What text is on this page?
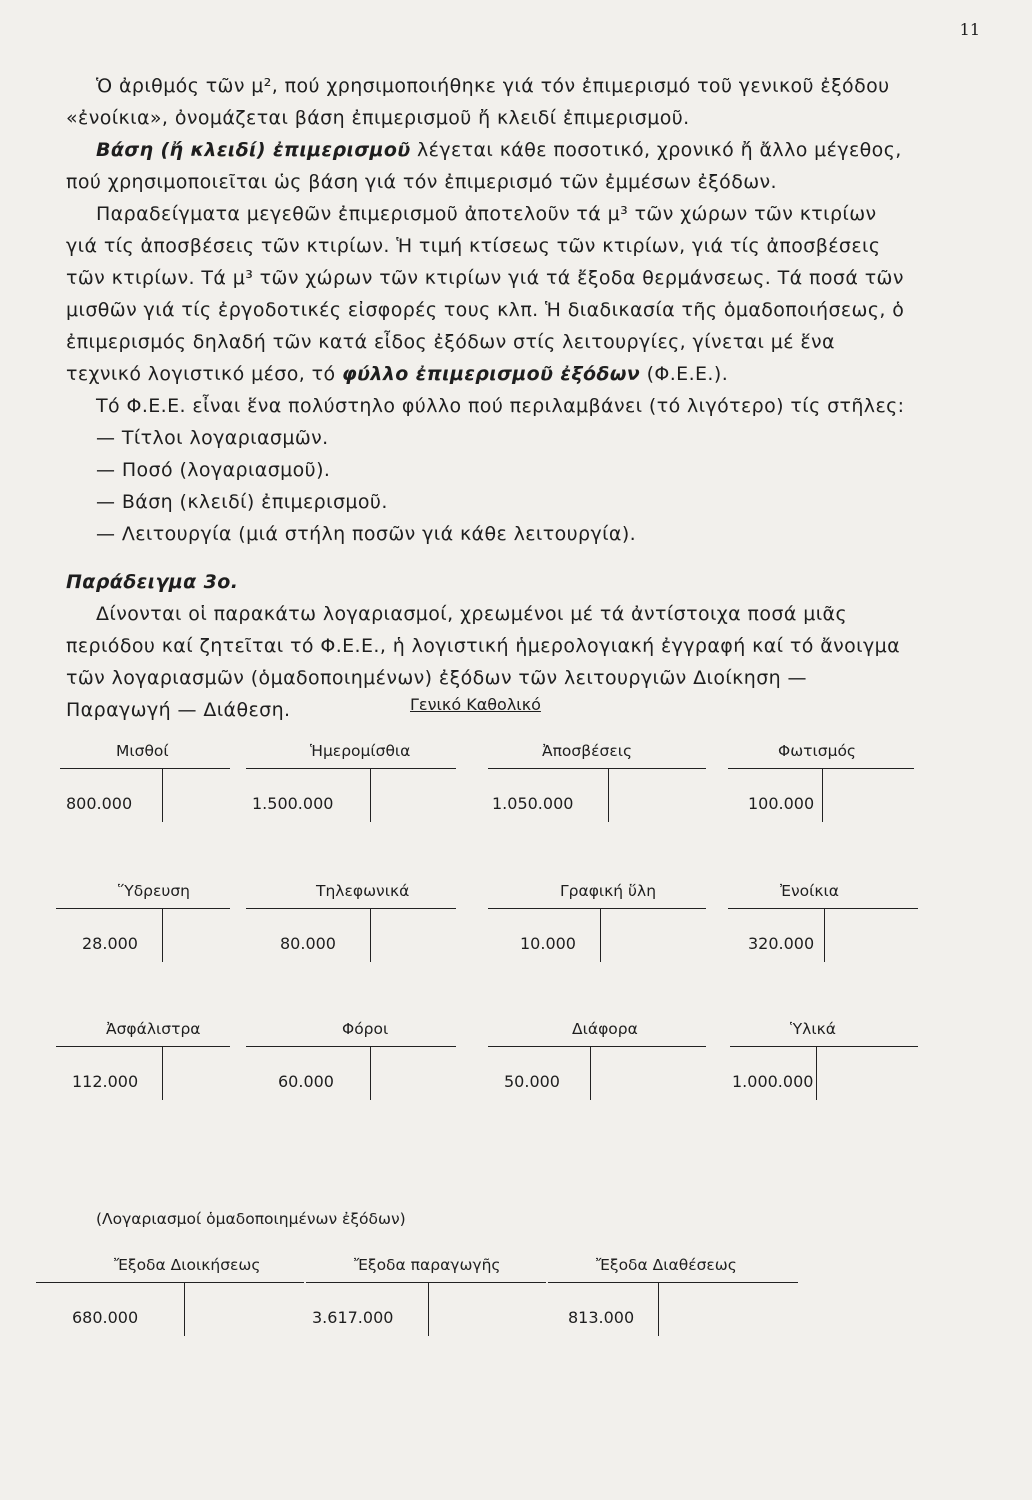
11

Ὁ ἀριθμός τῶν μ², πού χρησιμοποιήθηκε γιά τόν ἐπιμερισμό τοῦ γενικοῦ ἐξόδου «ἐνοίκια», ὀνομάζεται βάση ἐπιμερισμοῦ ἤ κλειδί ἐπιμερισμοῦ.

Βάση (ἤ κλειδί) ἐπιμερισμοῦ λέγεται κάθε ποσοτικό, χρονικό ἤ ἄλλο μέγεθος, πού χρησιμοποιεῖται ὡς βάση γιά τόν ἐπιμερισμό τῶν ἐμμέσων ἐξόδων.

Παραδείγματα μεγεθῶν ἐπιμερισμοῦ ἀποτελοῦν τά μ³ τῶν χώρων τῶν κτιρίων γιά τίς ἀποσβέσεις τῶν κτιρίων. Ἡ τιμή κτίσεως τῶν κτιρίων, γιά τίς ἀποσβέσεις τῶν κτιρίων. Τά μ³ τῶν χώρων τῶν κτιρίων γιά τά ἔξοδα θερμάνσεως. Τά ποσά τῶν μισθῶν γιά τίς ἐργοδοτικές εἰσφορές τους κλπ. Ἡ διαδικασία τῆς ὁμαδοποιήσεως, ὁ ἐπιμερισμός δηλαδή τῶν κατά εἶδος ἐξόδων στίς λειτουργίες, γίνεται μέ ἕνα τεχνικό λογιστικό μέσο, τό φύλλο ἐπιμερισμοῦ ἐξόδων (Φ.Ε.Ε.).

Τό Φ.Ε.Ε. εἶναι ἕνα πολύστηλο φύλλο πού περιλαμβάνει (τό λιγότερο) τίς στῆλες:

— Τίτλοι λογαριασμῶν.

— Ποσό (λογαριασμοῦ).

— Βάση (κλειδί) ἐπιμερισμοῦ.

— Λειτουργία (μιά στήλη ποσῶν γιά κάθε λειτουργία).

Παράδειγμα 3ο.

Δίνονται οἱ παρακάτω λογαριασμοί, χρεωμένοι μέ τά ἀντίστοιχα ποσά μιᾶς περιόδου καί ζητεῖται τό Φ.Ε.Ε., ἡ λογιστική ἡμερολογιακή ἐγγραφή καί τό ἄνοιγμα τῶν λογαριασμῶν (ὁμαδοποιημένων) ἐξόδων τῶν λειτουργιῶν Διοίκηση — Παραγωγή — Διάθεση.	Γενικό Καθολικό
Μισθοί
800.000
Ἡμερομίσθια
1.500.000
Ἀποσβέσεις
1.050.000
Φωτισμός
100.000
Ὕδρευση
28.000
Τηλεφωνικά
80.000
Γραφική ὕλη
10.000
Ἐνοίκια
320.000
Ἀσφάλιστρα
112.000
Φόροι
60.000
Διάφορα
50.000
Ὑλικά
1.000.000
(Λογαριασμοί ὁμαδοποιημένων ἐξόδων)
Ἔξοδα Διοικήσεως
680.000
Ἔξοδα παραγωγῆς
3.617.000
Ἔξοδα Διαθέσεως
813.000
